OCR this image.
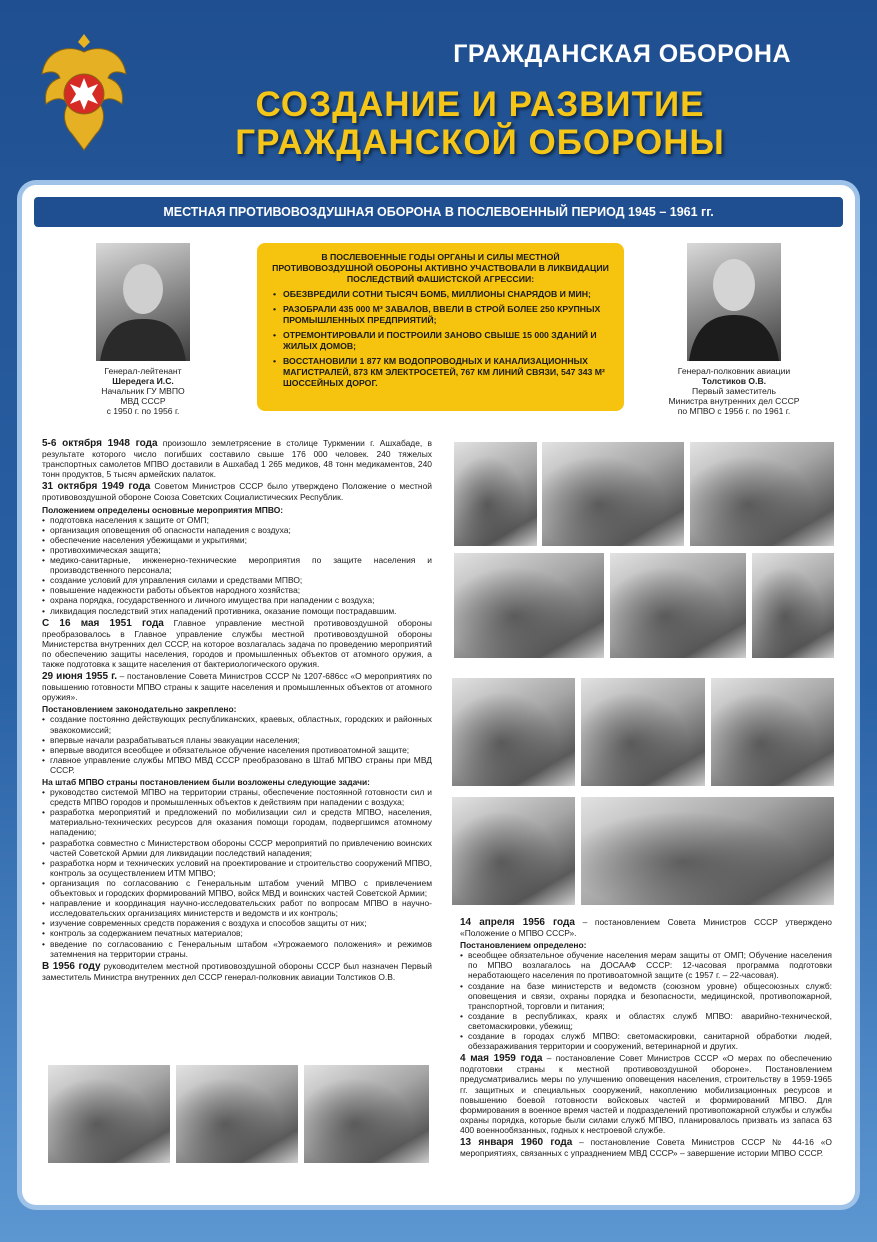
ГРАЖДАНСКАЯ ОБОРОНА
СОЗДАНИЕ И РАЗВИТИЕ
ГРАЖДАНСКОЙ ОБОРОНЫ
МЕСТНАЯ ПРОТИВОВОЗДУШНАЯ ОБОРОНА В ПОСЛЕВОЕННЫЙ ПЕРИОД 1945 – 1961 гг.
Генерал-лейтенант
Шередега И.С.
Начальник ГУ МВПО
МВД СССР
с 1950 г. по 1956 г.
В ПОСЛЕВОЕННЫЕ ГОДЫ ОРГАНЫ И СИЛЫ МЕСТНОЙ ПРОТИВОВОЗДУШНОЙ ОБОРОНЫ АКТИВНО УЧАСТВОВАЛИ В ЛИКВИДАЦИИ ПОСЛЕДСТВИЙ ФАШИСТСКОЙ АГРЕССИИ:
• ОБЕЗВРЕДИЛИ СОТНИ ТЫСЯЧ БОМБ, МИЛЛИОНЫ СНАРЯДОВ И МИН;
• РАЗОБРАЛИ 435 000 М³ ЗАВАЛОВ, ВВЕЛИ В СТРОЙ БОЛЕЕ 250 КРУПНЫХ ПРОМЫШЛЕННЫХ ПРЕДПРИЯТИЙ;
• ОТРЕМОНТИРОВАЛИ И ПОСТРОИЛИ ЗАНОВО СВЫШЕ 15 000 ЗДАНИЙ И ЖИЛЫХ ДОМОВ;
• ВОССТАНОВИЛИ 1 877 КМ ВОДОПРОВОДНЫХ И КАНАЛИЗАЦИОННЫХ МАГИСТРАЛЕЙ, 873 КМ ЭЛЕКТРОСЕТЕЙ, 767 КМ ЛИНИЙ СВЯЗИ, 547 343 М² ШОССЕЙНЫХ ДОРОГ.
Генерал-полковник авиации
Толстиков О.В.
Первый заместитель
Министра внутренних дел СССР
по МПВО с 1956 г. по 1961 г.

5-6 октября 1948 года произошло землетрясение в столице Туркмении г. Ашхабаде, в результате которого число погибших составило свыше 176 000 человек. 240 тяжелых транспортных самолетов МПВО доставили в Ашхабад 1 265 медиков, 48 тонн медикаментов, 240 тонн продуктов, 5 тысяч армейских палаток.

31 октября 1949 года Советом Министров СССР было утверждено Положение о местной противовоздушной обороне Союза Советских Социалистических Республик.

Положением определены основные мероприятия МПВО:
• подготовка населения к защите от ОМП;
• организация оповещения об опасности нападения с воздуха;
• обеспечение населения убежищами и укрытиями;
• противохимическая защита;
• медико-санитарные, инженерно-технические мероприятия по защите населения и производственного персонала;
• создание условий для управления силами и средствами МПВО;
• повышение надежности работы объектов народного хозяйства;
• охрана порядка, государственного и личного имущества при нападении с воздуха;
• ликвидация последствий этих нападений противника, оказание помощи пострадавшим.

С 16 мая 1951 года Главное управление местной противовоздушной обороны преобразовалось в Главное управление службы местной противовоздушной обороны Министерства внутренних дел СССР, на которое возлагалась задача по проведению мероприятий по обеспечению защиты населения, городов и промышленных объектов от атомного оружия, а также подготовка к защите населения от бактериологического оружия.

29 июня 1955 г. – постановление Совета Министров СССР № 1207-686сс «О мероприятиях по повышению готовности МПВО страны к защите населения и промышленных объектов от атомного оружия».

Постановлением законодательно закреплено:
• создание постоянно действующих республиканских, краевых, областных, городских и районных эвакокомиссий;
• впервые начали разрабатываться планы эвакуации населения;
• впервые вводится всеобщее и обязательное обучение населения противоатомной защите;
• главное управление службы МПВО МВД СССР преобразовано в Штаб МПВО страны при МВД СССР.
На штаб МПВО страны постановлением были возложены следующие задачи:
• руководство системой МПВО на территории страны, обеспечение постоянной готовности сил и средств МПВО городов и промышленных объектов к действиям при нападении с воздуха;
• разработка мероприятий и предложений по мобилизации сил и средств МПВО, населения, материально-технических ресурсов для оказания помощи городам, подвергшимся атомному нападению;
• разработка совместно с Министерством обороны СССР мероприятий по привлечению воинских частей Советской Армии для ликвидации последствий нападения;
• разработка норм и технических условий на проектирование и строительство сооружений МПВО, контроль за осуществлением ИТМ МПВО;
• организация по согласованию с Генеральным штабом учений МПВО с привлечением объектовых и городских формирований МПВО, войск МВД и воинских частей Советской Армии;
• направление и координация научно-исследовательских работ по вопросам МПВО в научно-исследовательских организациях министерств и ведомств и их контроль;
• изучение современных средств поражения с воздуха и способов защиты от них;
• контроль за содержанием печатных материалов;
• введение по согласованию с Генеральным штабом «Угрожаемого положения» и режимов затемнения на территории страны.

В 1956 году руководителем местной противовоздушной обороны СССР был назначен Первый заместитель Министра внутренних дел СССР генерал-полковник авиации Толстиков О.В.

14 апреля 1956 года – постановлением Совета Министров СССР утверждено «Положение о МПВО СССР».

Постановлением определено:
• всеобщее обязательное обучение населения мерам защиты от ОМП; Обучение населения по МПВО возлагалось на ДОСААФ СССР: 12-часовая программа подготовки неработающего населения по противоатомной защите (с 1957 г. – 22-часовая).
• создание на базе министерств и ведомств (союзном уровне) общесоюзных служб: оповещения и связи, охраны порядка и безопасности, медицинской, противопожарной, транспортной, торговли и питания;
• создание в республиках, краях и областях служб МПВО: аварийно-технической, светомаскировки, убежищ;
• создание в городах служб МПВО: светомаскировки, санитарной обработки людей, обеззараживания территории и сооружений, ветеринарной и других.

4 мая 1959 года – постановление Совет Министров СССР «О мерах по обеспечению подготовки страны к местной противовоздушной обороне». Постановлением предусматривались меры по улучшению оповещения населения, строительству в 1959-1965 гг. защитных и специальных сооружений, накоплению мобилизационных ресурсов и повышению боевой готовности войсковых частей и формирований МПВО. Для формирования в военное время частей и подразделений противопожарной службы и службы охраны порядка, которые были силами служб МПВО, планировалось призвать из запаса 63 400 военнообязанных, годных к нестроевой службе.

13 января 1960 года – постановление Совета Министров СССР № 44-16 «О мероприятиях, связанных с упразднением МВД СССР» – завершение истории МПВО СССР.
